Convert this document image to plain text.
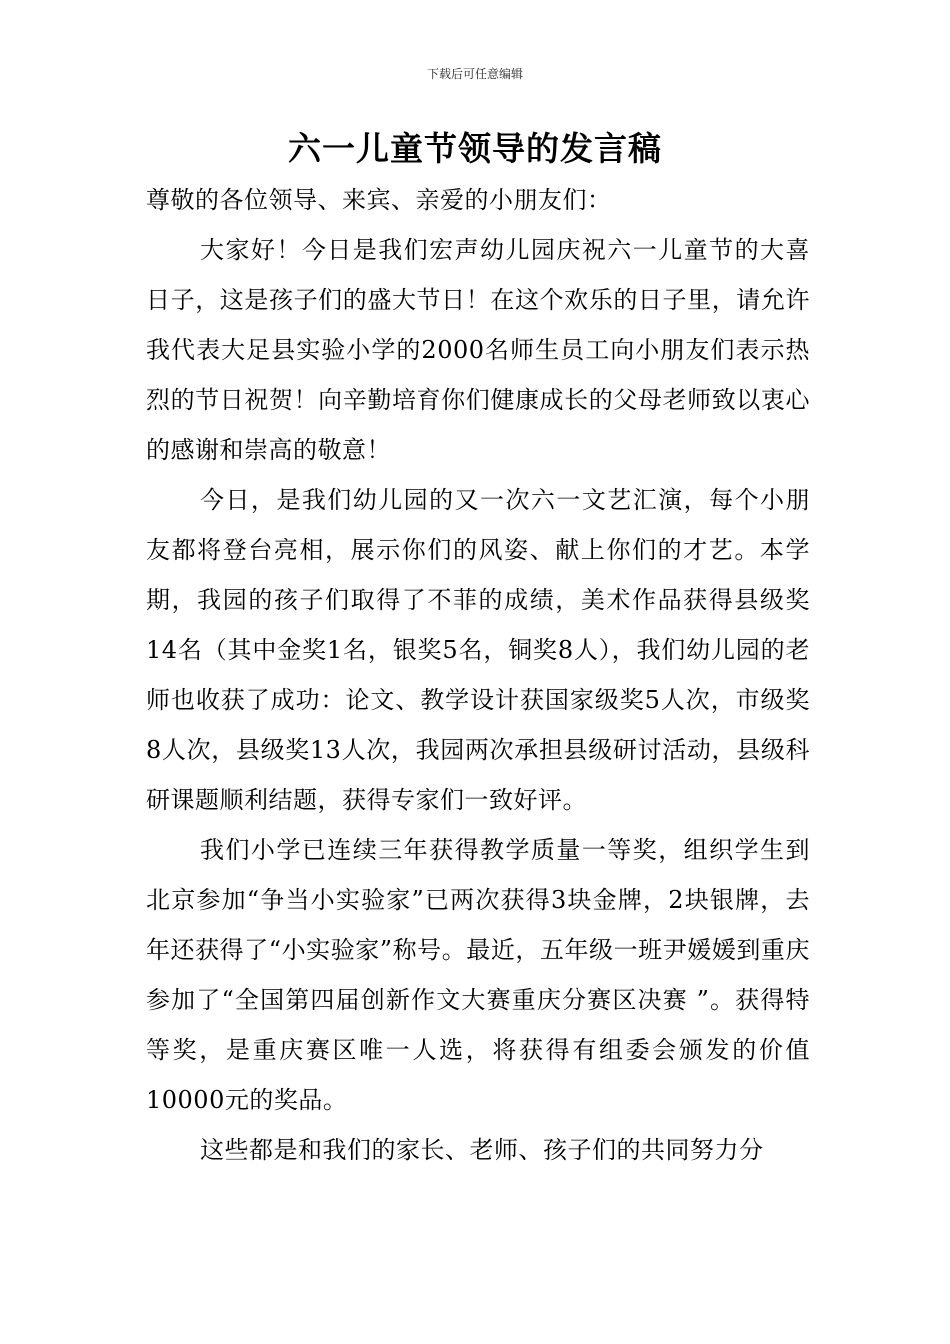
下载后可任意编辑
六一儿童节领导的发言稿

尊敬的各位领导、来宾、亲爱的小朋友们：

大家好！今日是我们宏声幼儿园庆祝六一儿童节的大喜日子，这是孩子们的盛大节日！在这个欢乐的日子里，请允许我代表大足县实验小学的2000名师生员工向小朋友们表示热烈的节日祝贺！向辛勤培育你们健康成长的父母老师致以衷心的感谢和崇高的敬意！

今日，是我们幼儿园的又一次六一文艺汇演，每个小朋友都将登台亮相，展示你们的风姿、献上你们的才艺。本学期，我园的孩子们取得了不菲的成绩，美术作品获得县级奖14名（其中金奖1名，银奖5名，铜奖8人），我们幼儿园的老师也收获了成功：论文、教学设计获国家级奖5人次，市级奖8人次，县级奖13人次，我园两次承担县级研讨活动，县级科研课题顺利结题，获得专家们一致好评。

我们小学已连续三年获得教学质量一等奖，组织学生到北京参加“争当小实验家”已两次获得3块金牌，2块银牌，去年还获得了“小实验家”称号。最近，五年级一班尹媛媛到重庆参加了“全国第四届创新作文大赛重庆分赛区决赛 ”。获得特等奖，是重庆赛区唯一人选，将获得有组委会颁发的价值10000元的奖品。

这些都是和我们的家长、老师、孩子们的共同努力分
